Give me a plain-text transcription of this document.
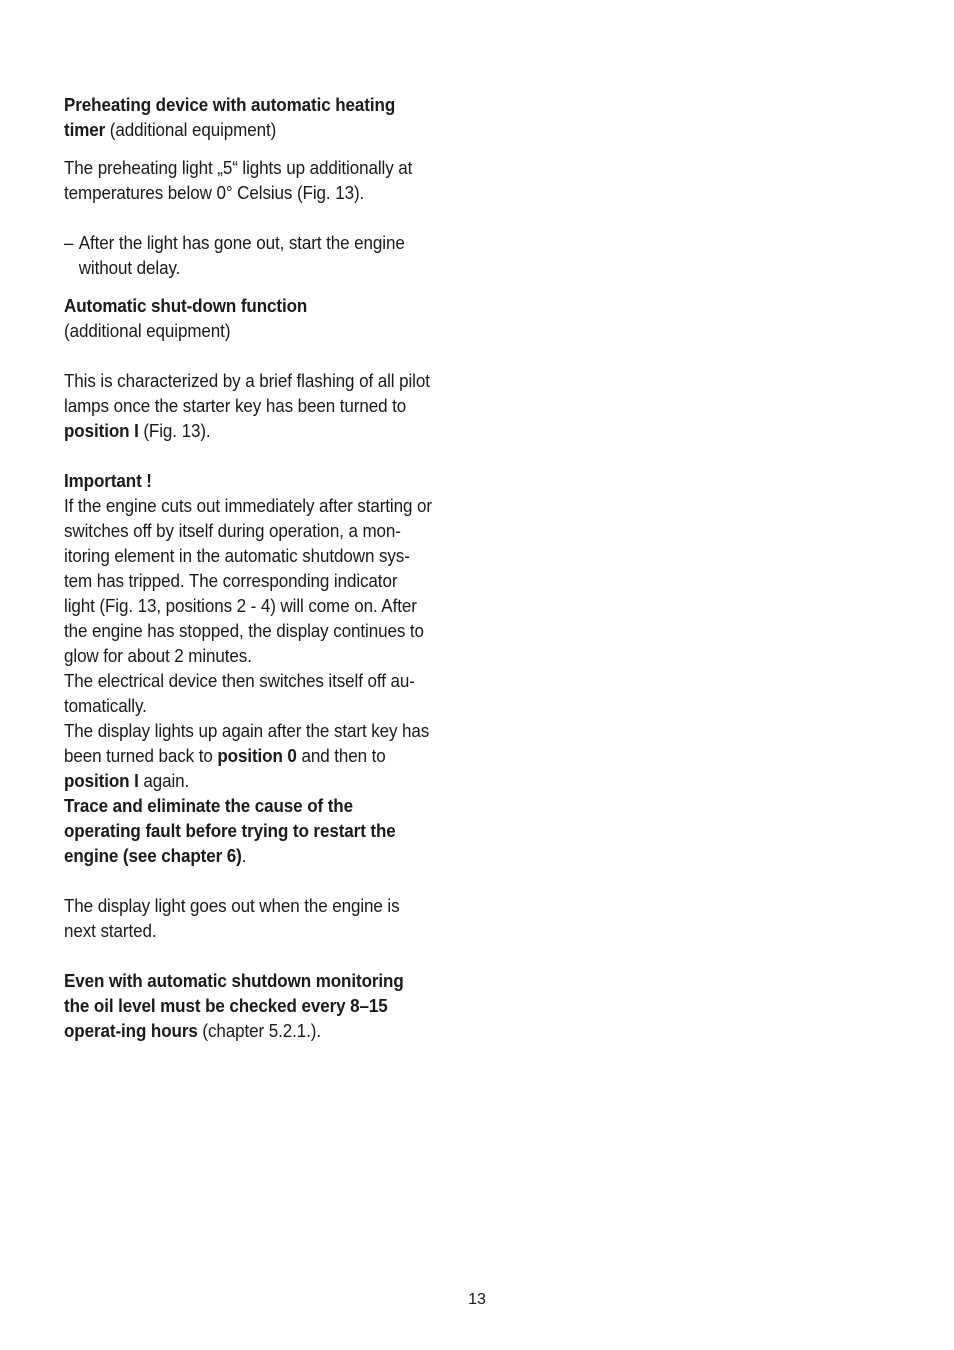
Preheating device with automatic heating timer (additional equipment)

The preheating light „5“ lights up additionally at temperatures below 0° Celsius (Fig. 13).

– After the light has gone out, start the engine without delay.

Automatic shut-down function

(additional equipment)

This is characterized by a brief flashing of all pilot lamps once the starter key has been turned to position I (Fig. 13).

Important !

If the engine cuts out immediately after starting or switches off by itself during operation, a mon-itoring element in the automatic shutdown sys-tem has tripped. The corresponding indicator light (Fig. 13, positions 2 - 4) will come on. After the engine has stopped, the display continues to glow for about 2 minutes.

The electrical device then switches itself off au-tomatically.

The display lights up again after the start key has been turned back to position 0 and then to position I again.

Trace and eliminate the cause of the operating fault before trying to restart the engine (see chapter 6).

The display light goes out when the engine is next started.

Even with automatic shutdown monitoring the oil level must be checked every 8–15 operat-ing hours (chapter 5.2.1.).

13
